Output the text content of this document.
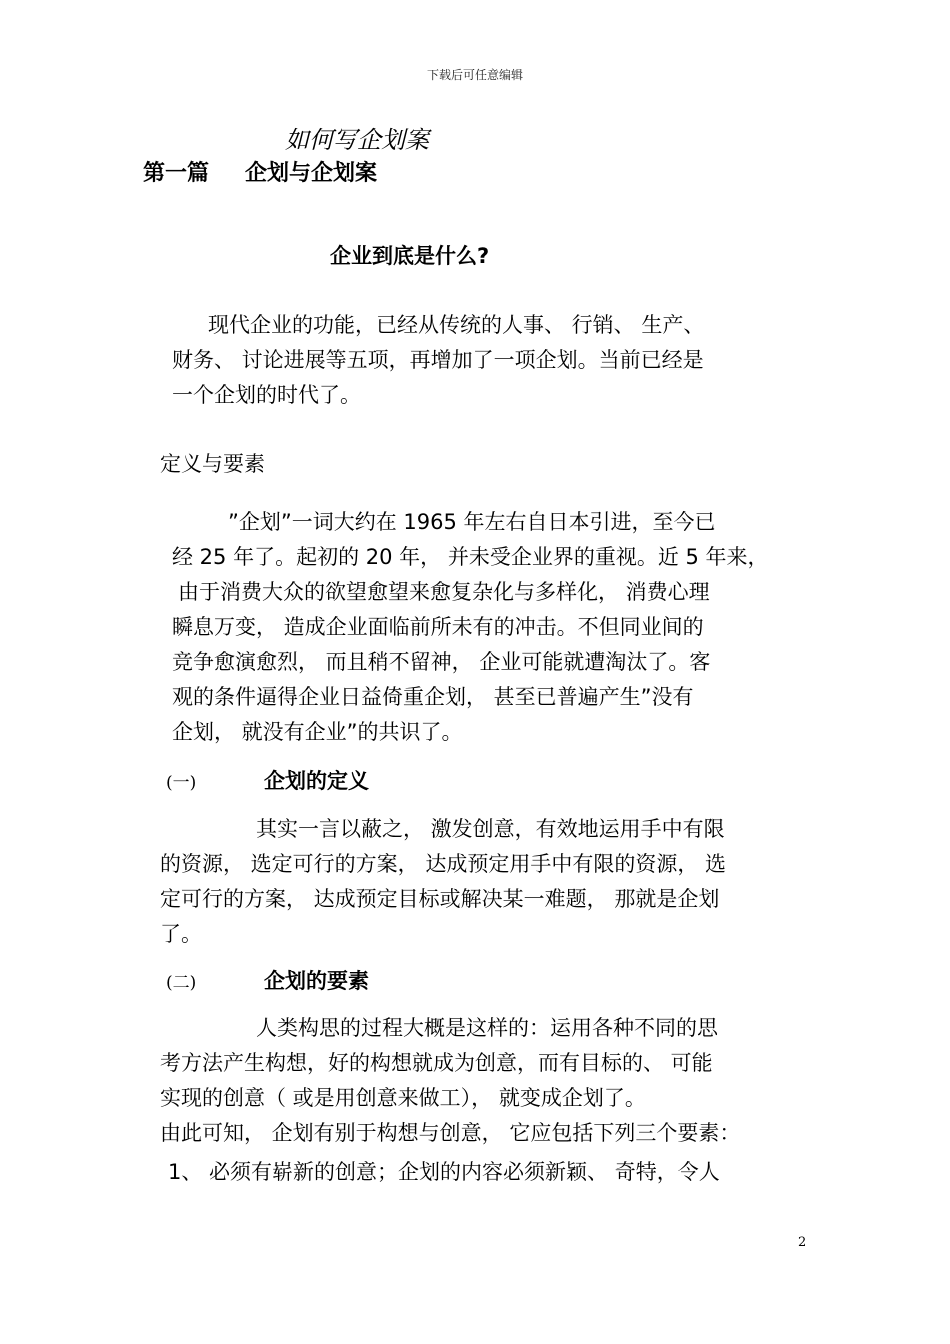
下载后可任意编辑
如何写企划案
第一篇 企划与企划案
企业到底是什么?
现代企业的功能，已经从传统的人事、 行销、 生产、
财务、 讨论进展等五项，再增加了一项企划。当前已经是
一个企划的时代了。
定义与要素
”企划”一词大约在 1965 年左右自日本引进，至今已
经 25 年了。起初的 20 年， 并未受企业界的重视。近 5 年来，
由于消费大众的欲望愈望来愈复杂化与多样化， 消费心理
瞬息万变， 造成企业面临前所未有的冲击。不但同业间的
竞争愈演愈烈， 而且稍不留神， 企业可能就遭淘汰了。客
观的条件逼得企业日益倚重企划， 甚至已普遍产生”没有
企划， 就没有企业”的共识了。
(一)	企划的定义
其实一言以蔽之， 激发创意，有效地运用手中有限
的资源， 选定可行的方案， 达成预定用手中有限的资源， 选
定可行的方案， 达成预定目标或解决某一难题， 那就是企划
了。
(二)	企划的要素
人类构思的过程大概是这样的：运用各种不同的思
考方法产生构想，好的构想就成为创意，而有目标的、 可能
实现的创意（ 或是用创意来做工）， 就变成企划了。
由此可知， 企划有别于构想与创意， 它应包括下列三个要素：
1、 必须有崭新的创意；企划的内容必须新颖、 奇特，令人
2
